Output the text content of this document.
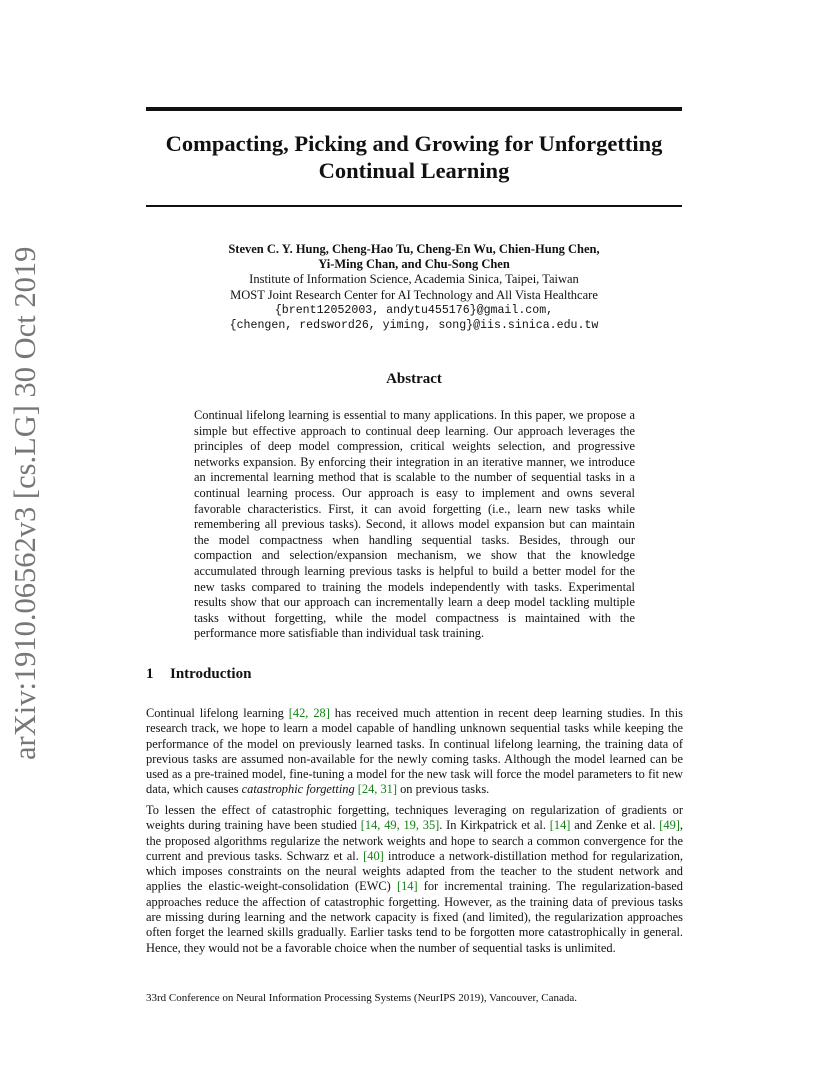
arXiv:1910.06562v3 [cs.LG] 30 Oct 2019
Compacting, Picking and Growing for Unforgetting
Continual Learning
Steven C. Y. Hung, Cheng-Hao Tu, Cheng-En Wu, Chien-Hung Chen,
Yi-Ming Chan, and Chu-Song Chen
Institute of Information Science, Academia Sinica, Taipei, Taiwan
MOST Joint Research Center for AI Technology and All Vista Healthcare
{brent12052003, andytu455176}@gmail.com,
{chengen, redsword26, yiming, song}@iis.sinica.edu.tw
Abstract

Continual lifelong learning is essential to many applications. In this paper, we propose a simple but effective approach to continual deep learning. Our approach leverages the principles of deep model compression, critical weights selection, and progressive networks expansion. By enforcing their integration in an iterative manner, we introduce an incremental learning method that is scalable to the number of sequential tasks in a continual learning process. Our approach is easy to implement and owns several favorable characteristics. First, it can avoid forgetting (i.e., learn new tasks while remembering all previous tasks). Second, it allows model expansion but can maintain the model compactness when handling sequential tasks. Besides, through our compaction and selection/expansion mechanism, we show that the knowledge accumulated through learning previous tasks is helpful to build a better model for the new tasks compared to training the models independently with tasks. Experimental results show that our approach can incrementally learn a deep model tackling multiple tasks without forgetting, while the model compactness is maintained with the performance more satisfiable than individual task training.

1 Introduction

Continual lifelong learning [42, 28] has received much attention in recent deep learning studies. In this research track, we hope to learn a model capable of handling unknown sequential tasks while keeping the performance of the model on previously learned tasks. In continual lifelong learning, the training data of previous tasks are assumed non-available for the newly coming tasks. Although the model learned can be used as a pre-trained model, fine-tuning a model for the new task will force the model parameters to fit new data, which causes catastrophic forgetting [24, 31] on previous tasks.

To lessen the effect of catastrophic forgetting, techniques leveraging on regularization of gradients or weights during training have been studied [14, 49, 19, 35]. In Kirkpatrick et al. [14] and Zenke et al. [49], the proposed algorithms regularize the network weights and hope to search a common convergence for the current and previous tasks. Schwarz et al. [40] introduce a network-distillation method for regularization, which imposes constraints on the neural weights adapted from the teacher to the student network and applies the elastic-weight-consolidation (EWC) [14] for incremental training. The regularization-based approaches reduce the affection of catastrophic forgetting. However, as the training data of previous tasks are missing during learning and the network capacity is fixed (and limited), the regularization approaches often forget the learned skills gradually. Earlier tasks tend to be forgotten more catastrophically in general. Hence, they would not be a favorable choice when the number of sequential tasks is unlimited.

33rd Conference on Neural Information Processing Systems (NeurIPS 2019), Vancouver, Canada.
